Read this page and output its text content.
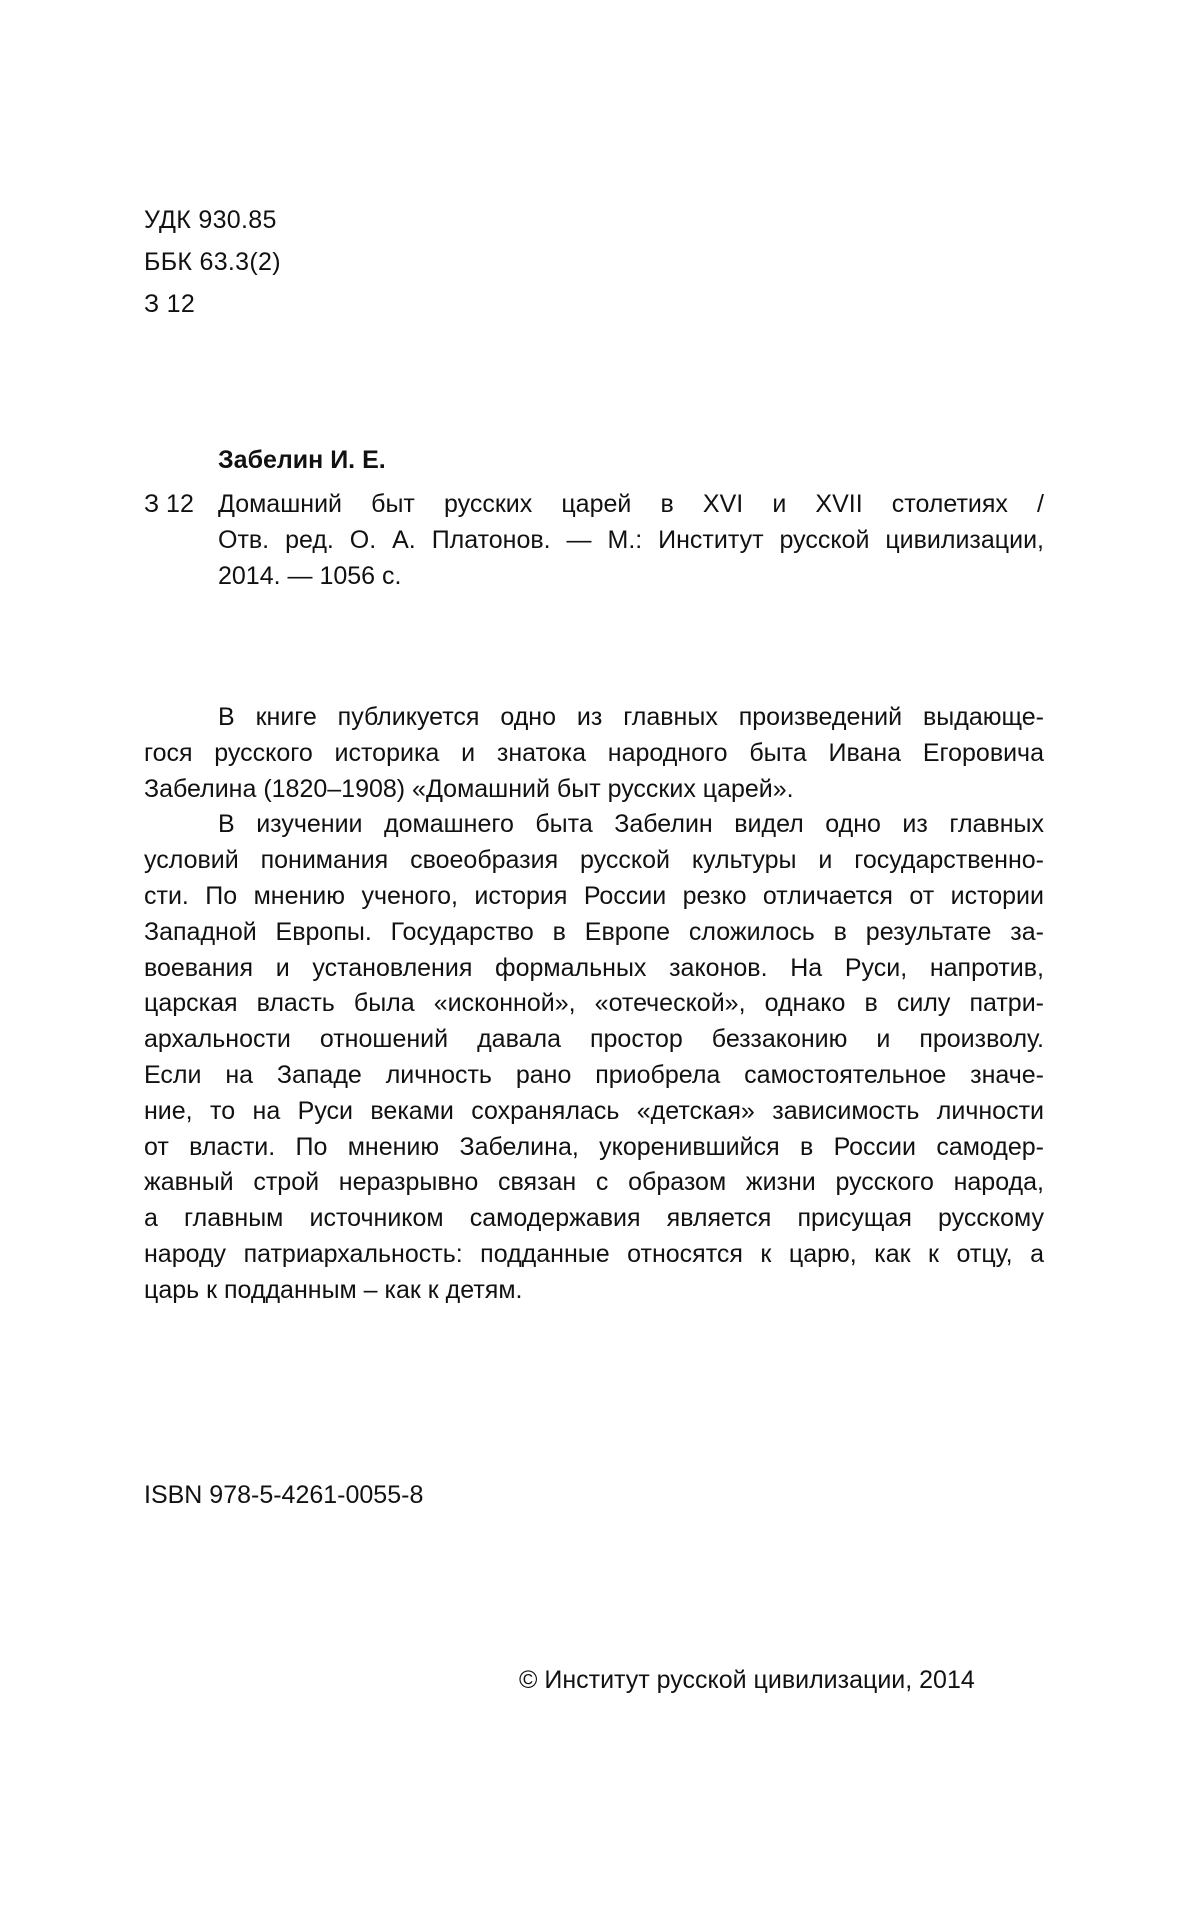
УДК 930.85
ББК 63.3(2)
З 12
Забелин И. Е.
З 12 Домашний быт русских царей в XVI и XVII столетиях /
Отв. ред. О. А. Платонов. — М.: Институт русской цивилизации,
2014. — 1056 с.
В книге публикуется одно из главных произведений выдающе-
гося русского историка и знатока народного быта Ивана Егоровича
Забелина (1820–1908) «Домашний быт русских царей».
В изучении домашнего быта Забелин видел одно из главных
условий понимания своеобразия русской культуры и государственно-
сти. По мнению ученого, история России резко отличается от истории
Западной Европы. Государство в Европе сложилось в результате за-
воевания и установления формальных законов. На Руси, напротив,
царская власть была «исконной», «отеческой», однако в силу патри-
архальности отношений давала простор беззаконию и произволу.
Если на Западе личность рано приобрела самостоятельное значе-
ние, то на Руси веками сохранялась «детская» зависимость личности
от власти. По мнению Забелина, укоренившийся в России самодер-
жавный строй неразрывно связан с образом жизни русского народа,
а главным источником самодержавия является присущая русскому
народу патриархальность: подданные относятся к царю, как к отцу, а
царь к подданным – как к детям.
ISBN 978-5-4261-0055-8
© Институт русской цивилизации, 2014
